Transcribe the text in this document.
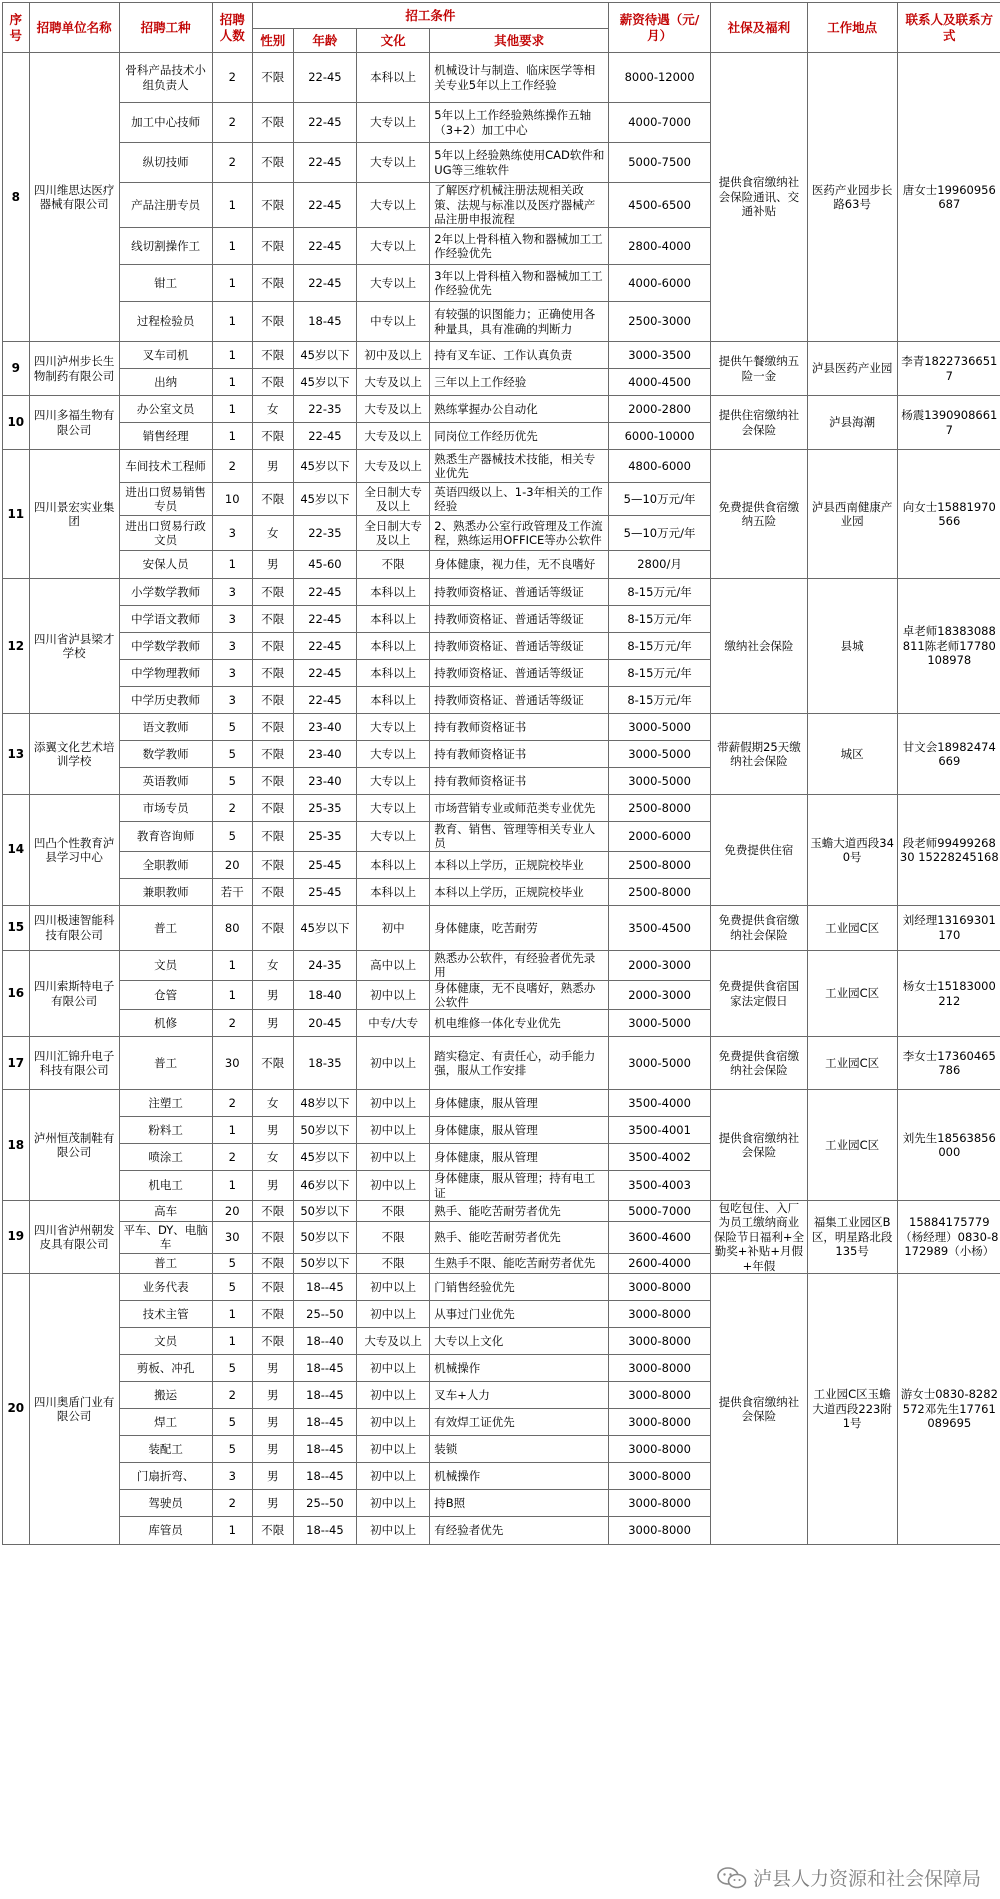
序号	招聘单位名称	招聘工种	招聘人数	招工条件				薪资待遇（元/月）	社保及福利	工作地点	联系人及联系方式
				性别	年龄	文化	其他要求				
8	四川维思达医疗器械有限公司	骨科产品技术小组负责人	2	不限	22-45	本科以上	机械设计与制造、临床医学等相关专业5年以上工作经验	8000-12000	提供食宿缴纳社会保险通讯、交通补贴	医药产业园步长路63号	唐女士19960956687
		加工中心技师	2	不限	22-45	大专以上	5年以上工作经验熟练操作五轴（3+2）加工中心	4000-7000			
		纵切技师	2	不限	22-45	大专以上	5年以上经验熟练使用CAD软件和UG等三维软件	5000-7500			
		产品注册专员	1	不限	22-45	大专以上	了解医疗机械注册法规相关政策、法规与标准以及医疗器械产品注册申报流程	4500-6500			
		线切割操作工	1	不限	22-45	大专以上	2年以上骨科植入物和器械加工工作经验优先	2800-4000			
		钳工	1	不限	22-45	大专以上	3年以上骨科植入物和器械加工工作经验优先	4000-6000			
		过程检验员	1	不限	18-45	中专以上	有较强的识图能力；正确使用各种量具，具有准确的判断力	2500-3000			
9	四川泸州步长生物制药有限公司	叉车司机	1	不限	45岁以下	初中及以上	持有叉车证、工作认真负责	3000-3500	提供午餐缴纳五险一金	泸县医药产业园	李青18227366517
		出纳	1	不限	45岁以下	大专及以上	三年以上工作经验	4000-4500			
10	四川多福生物有限公司	办公室文员	1	女	22-35	大专及以上	熟练掌握办公自动化	2000-2800	提供住宿缴纳社会保险	泸县海潮	杨震13909086617
		销售经理	1	不限	22-45	大专及以上	同岗位工作经历优先	6000-10000			
11	四川景宏实业集团	车间技术工程师	2	男	45岁以下	大专及以上	熟悉生产器械技术技能，相关专业优先	4800-6000	免费提供食宿缴纳五险	泸县西南健康产业园	向女士15881970566
		进出口贸易销售专员	10	不限	45岁以下	全日制大专及以上	英语四级以上、1-3年相关的工作经验	5—10万元/年			
		进出口贸易行政文员	3	女	22-35	全日制大专及以上	2、熟悉办公室行政管理及工作流程，熟练运用OFFICE等办公软件	5—10万元/年			
		安保人员	1	男	45-60	不限	身体健康，视力佳，无不良嗜好	2800/月			
12	四川省泸县梁才学校	小学数学教师	3	不限	22-45	本科以上	持教师资格证、普通话等级证	8-15万元/年	缴纳社会保险	县城	卓老师18383088811陈老师17780108978
		中学语文教师	3	不限	22-45	本科以上	持教师资格证、普通话等级证	8-15万元/年			
		中学数学教师	3	不限	22-45	本科以上	持教师资格证、普通话等级证	8-15万元/年			
		中学物理教师	3	不限	22-45	本科以上	持教师资格证、普通话等级证	8-15万元/年			
		中学历史教师	3	不限	22-45	本科以上	持教师资格证、普通话等级证	8-15万元/年			
13	添翼文化艺术培训学校	语文教师	5	不限	23-40	大专以上	持有教师资格证书	3000-5000	带薪假期25天缴纳社会保险	城区	甘文会18982474669
		数学教师	5	不限	23-40	大专以上	持有教师资格证书	3000-5000			
		英语教师	5	不限	23-40	大专以上	持有教师资格证书	3000-5000			
14	凹凸个性教育泸县学习中心	市场专员	2	不限	25-35	大专以上	市场营销专业或师范类专业优先	2500-8000	免费提供住宿	玉蟾大道西段340号	段老师9949926830 15228245168
		教育咨询师	5	不限	25-35	大专以上	教育、销售、管理等相关专业人员	2000-6000			
		全职教师	20	不限	25-45	本科以上	本科以上学历，正规院校毕业	2500-8000			
		兼职教师	若干	不限	25-45	本科以上	本科以上学历，正规院校毕业	2500-8000			
15	四川极速智能科技有限公司	普工	80	不限	45岁以下	初中	身体健康，吃苦耐劳	3500-4500	免费提供食宿缴纳社会保险	工业园C区	刘经理13169301170
16	四川索斯特电子有限公司	文员	1	女	24-35	高中以上	熟悉办公软件，有经验者优先录用	2000-3000	免费提供食宿国家法定假日	工业园C区	杨女士15183000212
		仓管	1	男	18-40	初中以上	身体健康，无不良嗜好，熟悉办公软件	2000-3000			
		机修	2	男	20-45	中专/大专	机电维修一体化专业优先	3000-5000			
17	四川汇锦升电子科技有限公司	普工	30	不限	18-35	初中以上	踏实稳定、有责任心，动手能力强，服从工作安排	3000-5000	免费提供食宿缴纳社会保险	工业园C区	李女士17360465786
18	泸州恒茂制鞋有限公司	注塑工	2	女	48岁以下	初中以上	身体健康，服从管理	3500-4000	提供食宿缴纳社会保险	工业园C区	刘先生18563856000
		粉料工	1	男	50岁以下	初中以上	身体健康，服从管理	3500-4001			
		喷涂工	2	女	45岁以下	初中以上	身体健康，服从管理	3500-4002			
		机电工	1	男	46岁以下	初中以上	身体健康，服从管理；持有电工证	3500-4003			
19	四川省泸州朝发皮具有限公司	高车	20	不限	50岁以下	不限	熟手、能吃苦耐劳者优先	5000-7000	包吃包住、入厂为员工缴纳商业保险节日福利+全勤奖+补贴+月假+年假	福集工业园区B区，明星路北段135号	15884175779（杨经理）0830-8172989（小杨）
		平车、DY、电脑车	30	不限	50岁以下	不限	熟手、能吃苦耐劳者优先	3600-4600			
		普工	5	不限	50岁以下	不限	生熟手不限、能吃苦耐劳者优先	2600-4000			
20	四川奥盾门业有限公司	业务代表	5	不限	18--45	初中以上	门销售经验优先	3000-8000	提供食宿缴纳社会保险	工业园C区玉蟾大道西段223附1号	游女士0830-8282572邓先生17761089695
		技术主管	1	不限	25--50	初中以上	从事过门业优先	3000-8000			
		文员	1	不限	18--40	大专及以上	大专以上文化	3000-8000			
		剪板、冲孔	5	男	18--45	初中以上	机械操作	3000-8000			
		搬运	2	男	18--45	初中以上	叉车+人力	3000-8000			
		焊工	5	男	18--45	初中以上	有效焊工证优先	3000-8000			
		装配工	5	男	18--45	初中以上	装锁	3000-8000			
		门扇折弯、	3	男	18--45	初中以上	机械操作	3000-8000			
		驾驶员	2	男	25--50	初中以上	持B照	3000-8000			
		库管员	1	不限	18--45	初中以上	有经验者优先	3000-8000			
泸县人力资源和社会保障局
